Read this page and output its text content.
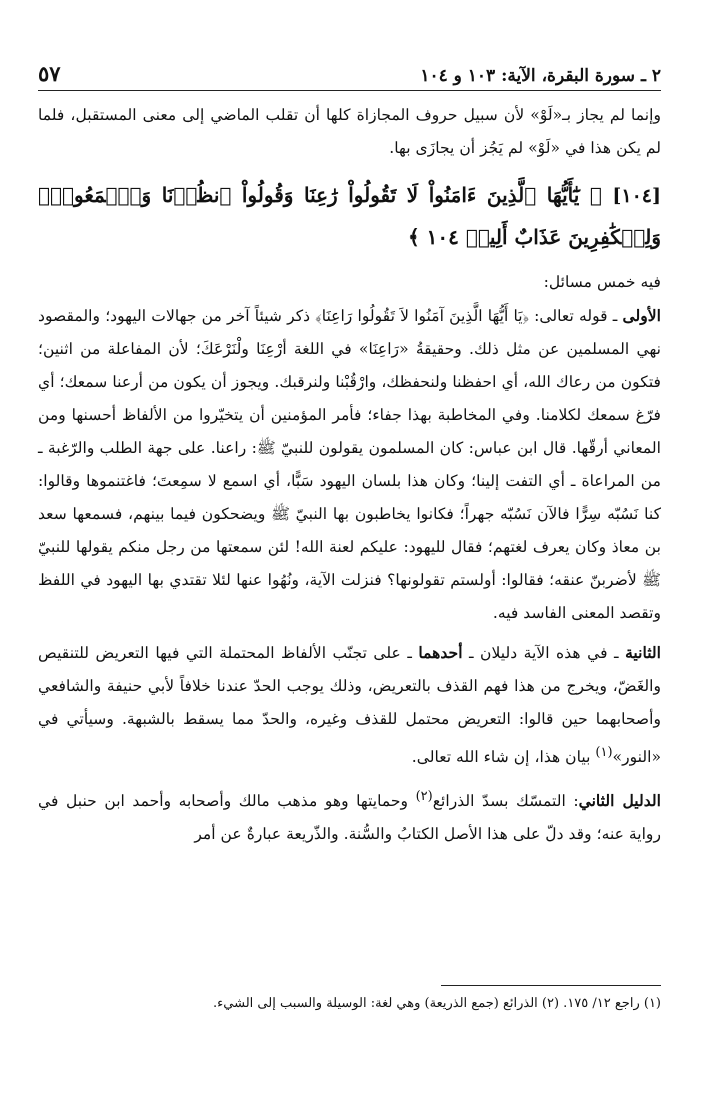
٢ ـ سورة البقرة، الآية: ١٠٣ و ١٠٤
٥٧

وإنما لم يجاز بـ«لَوْ» لأن سبيل حروف المجازاة كلها أن تقلب الماضي إلى معنى المستقبل، فلما لم يكن هذا في «لَوْ» لم يَجُز أن يجازَى بها.

[١٠٤] ﴿ يَٰٓأَيُّهَا ٱلَّذِينَ ءَامَنُواْ لَا تَقُولُواْ رَٰعِنَا وَقُولُواْ ٱنظُرۡنَا وَٱسۡمَعُواْۗ وَلِلۡكَٰفِرِينَ عَذَابٌ أَلِيمٞ ١٠٤ ﴾

فيه خمس مسائل:

الأولى ـ قوله تعالى: ﴿يَا أَيُّهَا الَّذِينَ آمَنُوا لاَ تَقُولُوا رَاعِنَا﴾ ذكر شيئاً آخر من جهالات اليهود؛ والمقصود نهي المسلمين عن مثل ذلك. وحقيقةُ «رَاعِنَا» في اللغة أرْعِنَا ولْنَرْعَكَ؛ لأن المفاعلة من اثنين؛ فتكون من رعاك الله، أي احفظنا ولنحفظك، وارْقُبْنا ولنرقبك. ويجوز أن يكون من أرعنا سمعك؛ أي فرّغ سمعك لكلامنا. وفي المخاطبة بهذا جفاء؛ فأمر المؤمنين أن يتخيّروا من الألفاظ أحسنها ومن المعاني أرقّها. قال ابن عباس: كان المسلمون يقولون للنبيّ ﷺ: راعنا. على جهة الطلب والرّغبة ـ من المراعاة ـ أي التفت إلينا؛ وكان هذا بلسان اليهود سَبًّا، أي اسمع لا سمِعتَ؛ فاغتنموها وقالوا: كنا نَسُبّه سِرًّا فالآن نَسُبّه جهراً؛ فكانوا يخاطبون بها النبيّ ﷺ ويضحكون فيما بينهم، فسمعها سعد بن معاذ وكان يعرف لغتهم؛ فقال لليهود: عليكم لعنة الله! لئن سمعتها من رجل منكم يقولها للنبيّ ﷺ لأضربنّ عنقه؛ فقالوا: أولستم تقولونها؟ فنزلت الآية، ونُهُوا عنها لئلا تقتدي بها اليهود في اللفظ وتقصد المعنى الفاسد فيه.

الثانية ـ في هذه الآية دليلان ـ أحدهما ـ على تجنّب الألفاظ المحتملة التي فيها التعريض للتنقيص والغَضّ، ويخرج من هذا فهم القذف بالتعريض، وذلك يوجب الحدّ عندنا خلافاً لأبي حنيفة والشافعي وأصحابهما حين قالوا: التعريض محتمل للقذف وغيره، والحدّ مما يسقط بالشبهة. وسيأتي في «النور»$^{(١)}$ بيان هذا، إن شاء الله تعالى.

الدليل الثاني: التمسّك بسدّ الذرائع$^{(٢)}$ وحمايتها وهو مذهب مالك وأصحابه وأحمد ابن حنبل في رواية عنه؛ وقد دلّ على هذا الأصل الكتابُ والسُّنة. والذّريعة عبارةٌ عن أمر

(١) راجع ١٢/ ١٧٥. (٢) الذرائع (جمع الذريعة) وهي لغة: الوسيلة والسبب إلى الشيء.
